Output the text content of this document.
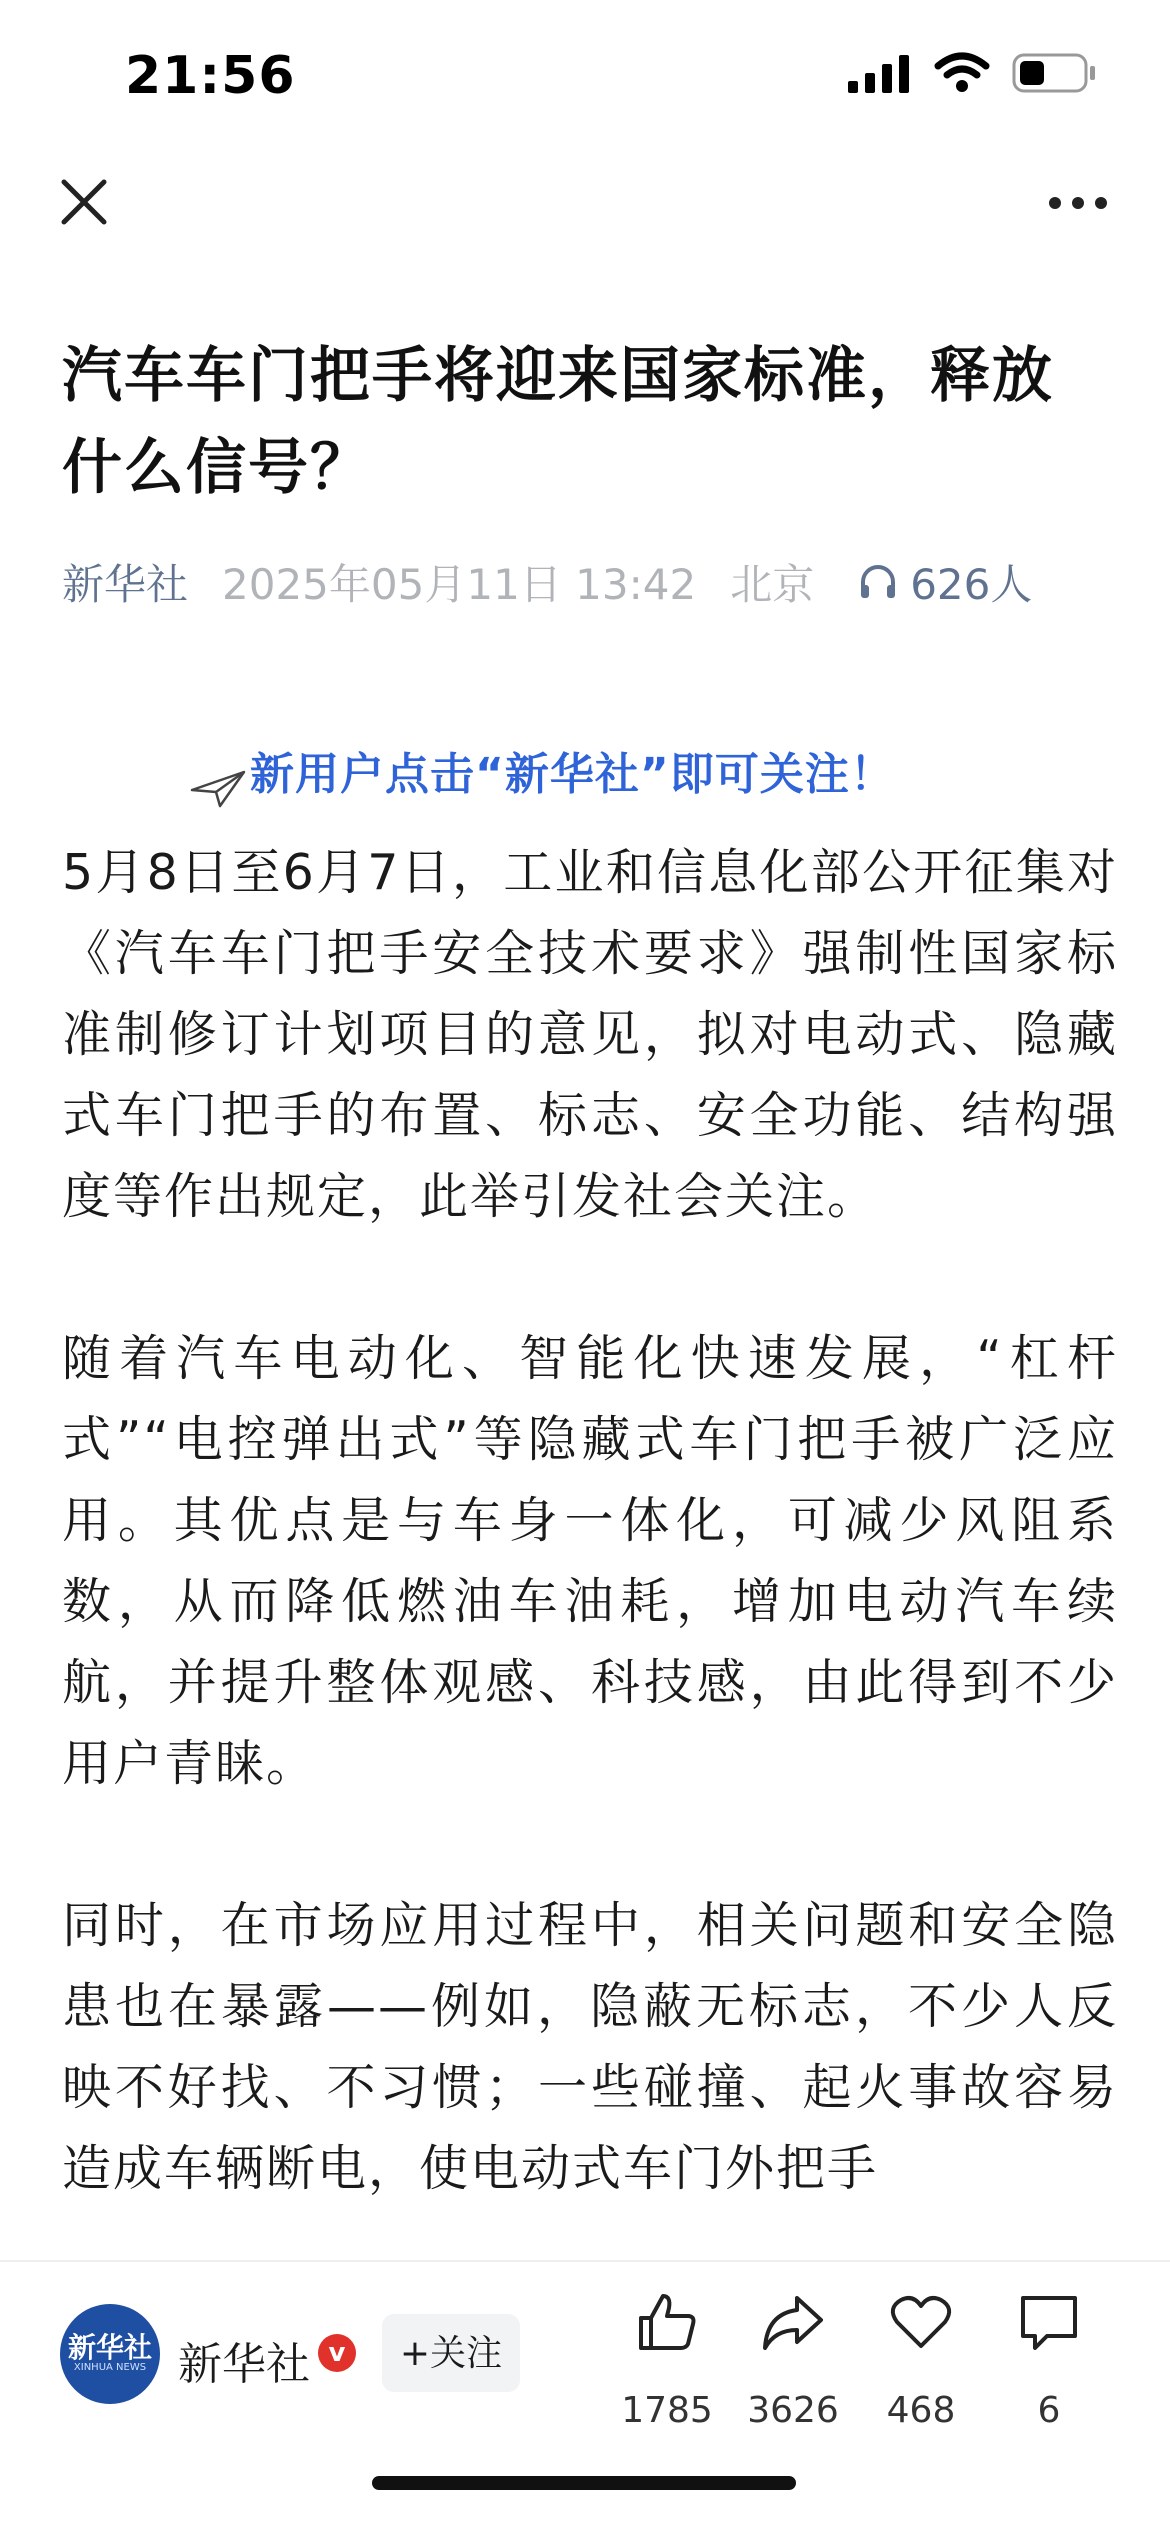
21:56
汽车车门把手将迎来国家标准，释放什么信号？
新华社 2025年05月11日 13:42 北京 626人
新用户点击“新华社”即可关注！

5月8日至6月7日，工业和信息化部公开征集对《汽车车门把手安全技术要求》强制性国家标准制修订计划项目的意见，拟对电动式、隐藏式车门把手的布置、标志、安全功能、结构强度等作出规定，此举引发社会关注。

随着汽车电动化、智能化快速发展，“杠杆式”“电控弹出式”等隐藏式车门把手被广泛应用。其优点是与车身一体化，可减少风阻系数，从而降低燃油车油耗，增加电动汽车续航，并提升整体观感、科技感，由此得到不少用户青睐。

同时，在市场应用过程中，相关问题和安全隐患也在暴露——例如，隐蔽无标志，不少人反映不好找、不习惯；一些碰撞、起火事故容易造成车辆断电，使电动式车门外把手

新华社
XINHUA NEWS 新华社 v	+关注
1785 3626	468	6
